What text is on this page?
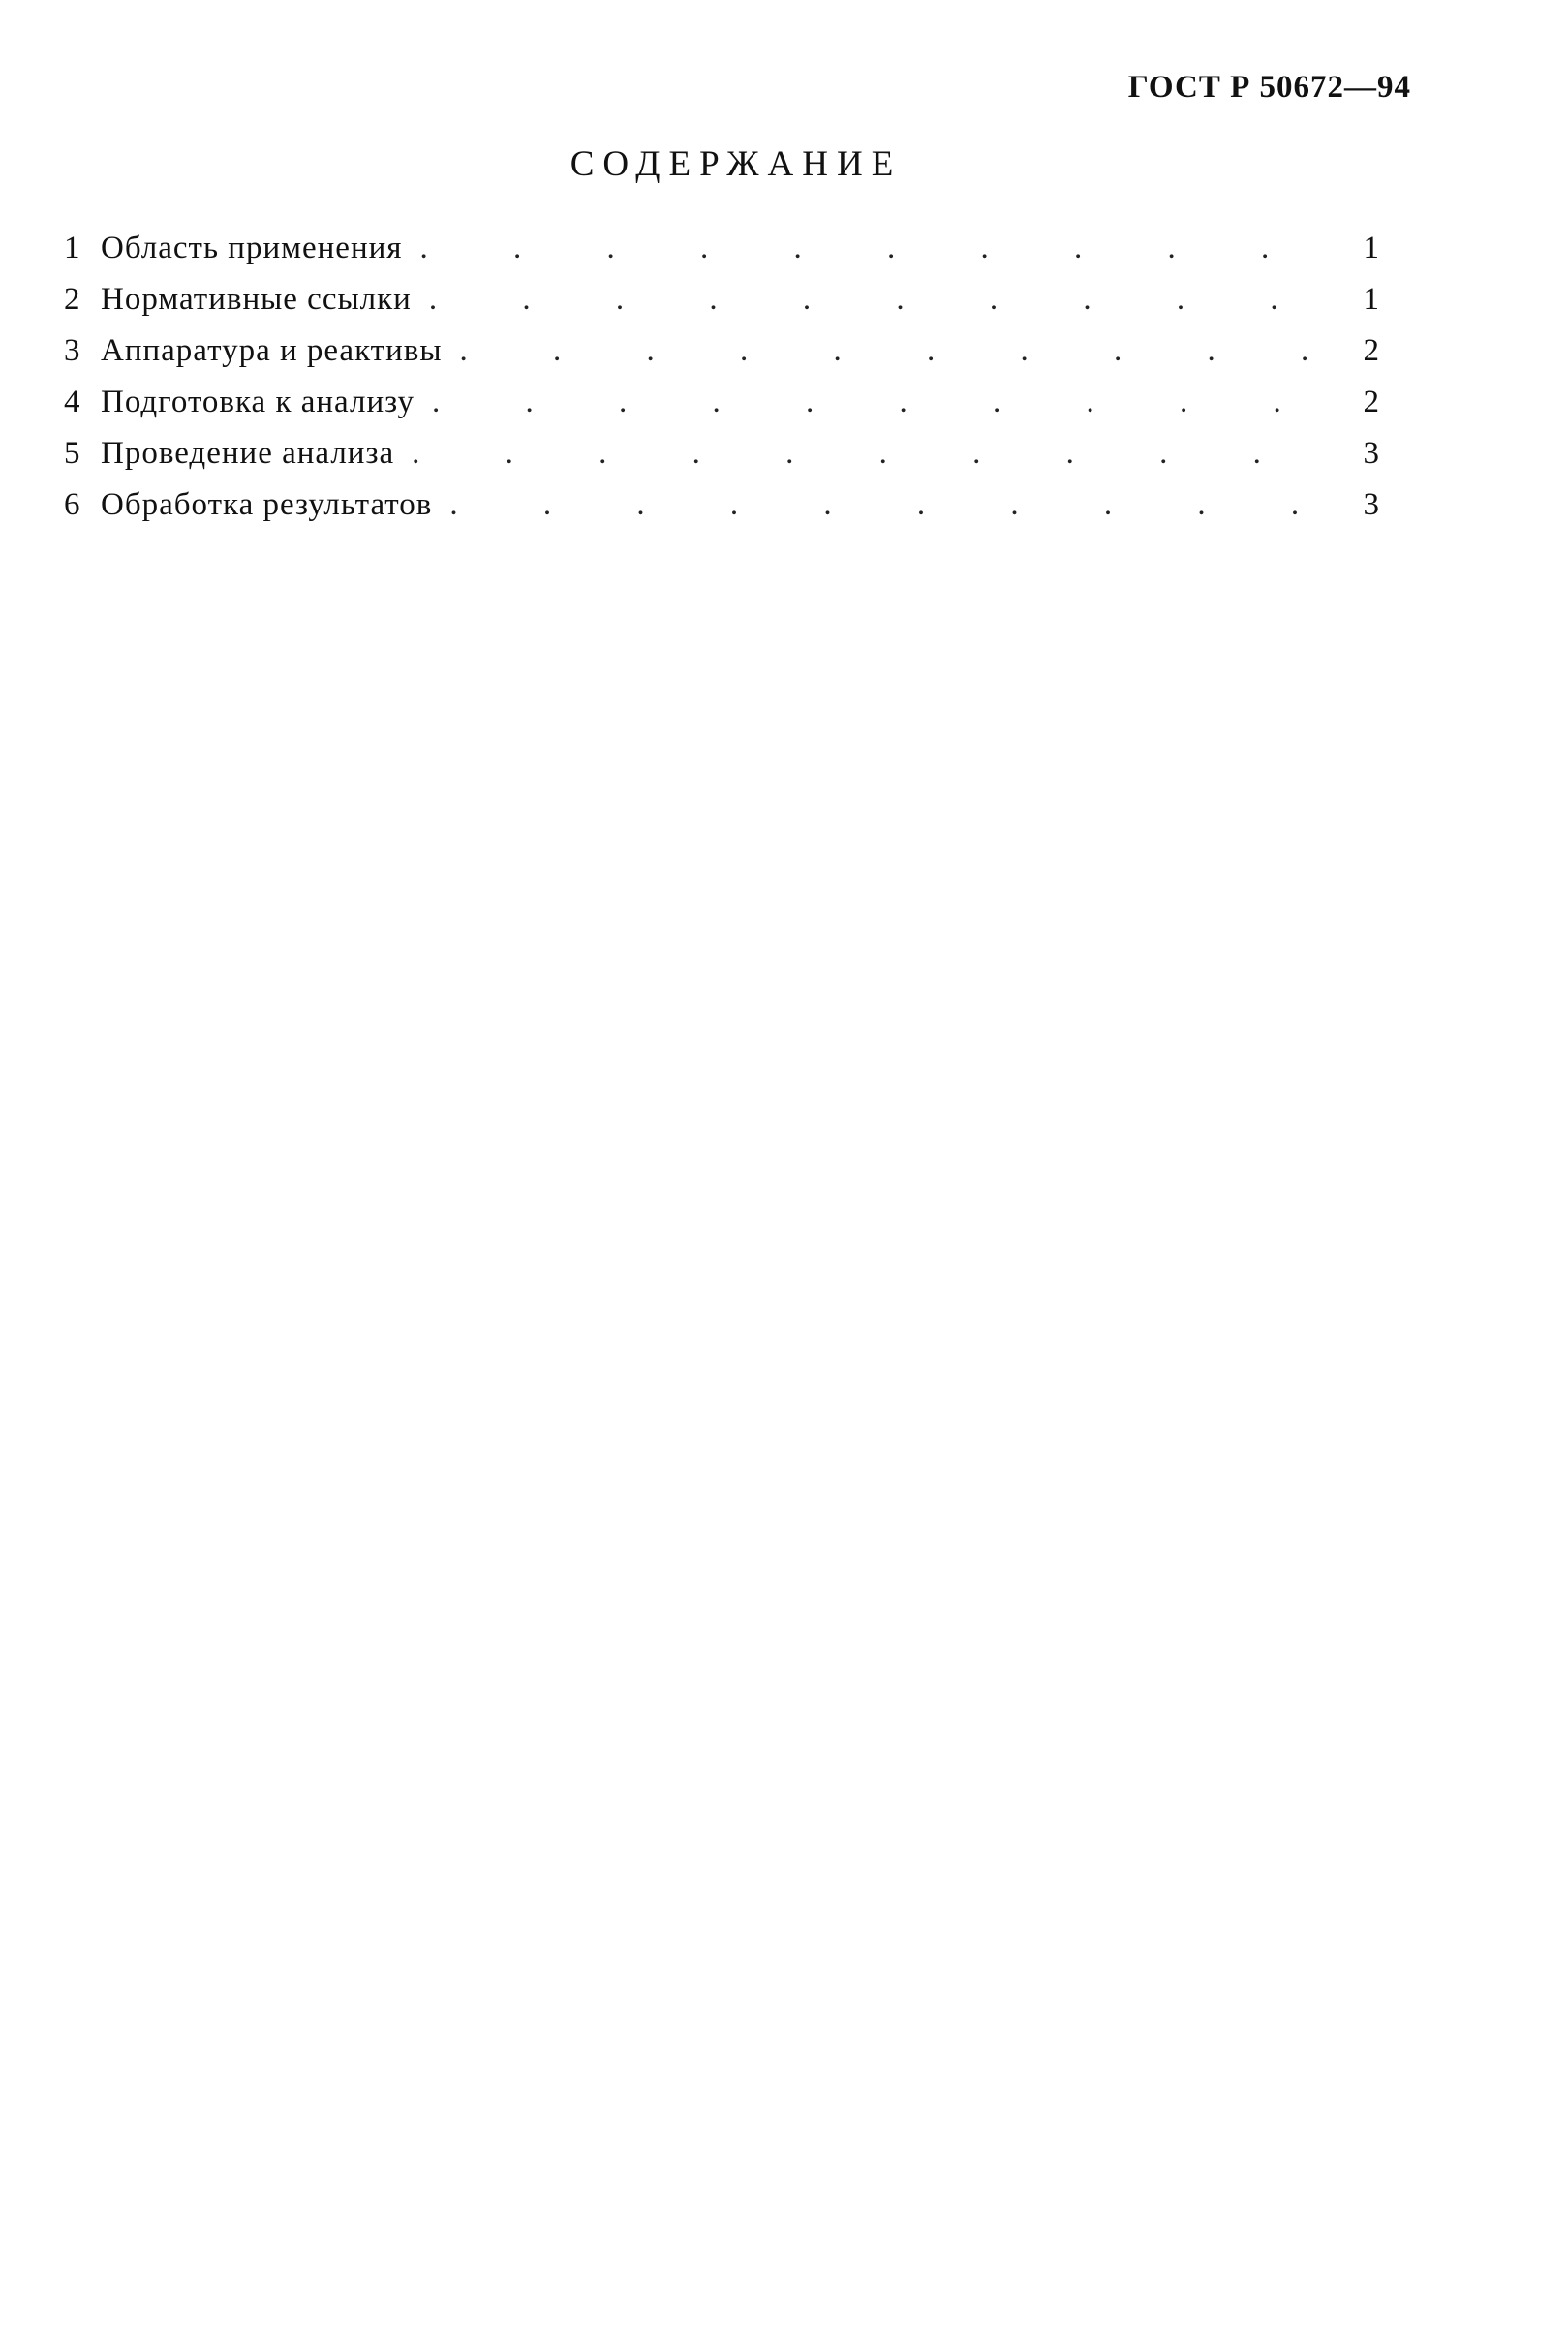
ГОСТ Р 50672—94
СОДЕРЖАНИЕ
1 Область применения . . .	1
2 Нормативные ссылки . . .	1
3 Аппаратура и реактивы . . .	2
4 Подготовка к анализу . . .	2
5 Проведение анализа . . .	3
6 Обработка результатов . . .	3
